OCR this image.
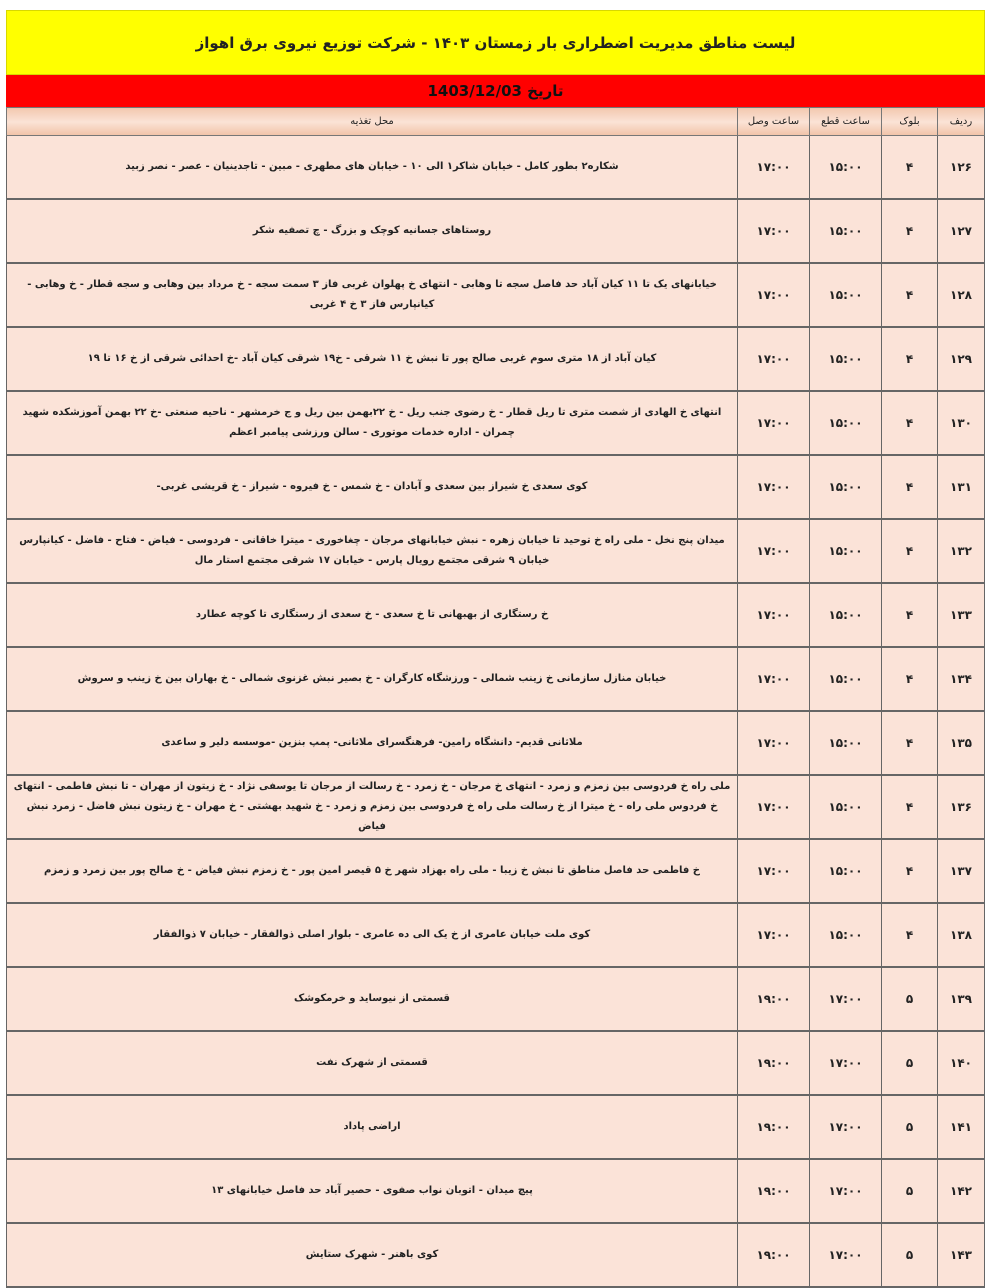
لیست مناطق مدیریت اضطراری بار زمستان ۱۴۰۳ - شرکت توزیع نیروی برق اهواز
تاریخ 1403/12/03
ردیف	بلوک	ساعت قطع	ساعت وصل	محل تغذیه
۱۲۶	۴	۱۵:۰۰	۱۷:۰۰	شکاره۲ بطور کامل - خیابان شاکر۱ الی ۱۰ - خیابان های مطهری - مبین - تاجدینیان - عصر - نصر زبید
۱۲۷	۴	۱۵:۰۰	۱۷:۰۰	روستاهای جسانیه کوچک و بزرگ - چ تصفیه شکر
۱۲۸	۴	۱۵:۰۰	۱۷:۰۰	خیابانهای یک تا ۱۱ کیان آباد حد فاصل سجه تا وهابی - انتهای خ پهلوان غربی فاز ۳ سمت سجه - خ مرداد بین وهابی و سجه قطار - خ وهابی - کیانپارس فاز ۳ خ ۴ غربی
۱۲۹	۴	۱۵:۰۰	۱۷:۰۰	کیان آباد از ۱۸ متری سوم غربی صالح پور تا نبش خ ۱۱ شرقی - خ۱۹ شرقی کیان آباد -خ احدائی شرقی از خ ۱۶ تا ۱۹
۱۳۰	۴	۱۵:۰۰	۱۷:۰۰	انتهای خ الهادی از شصت متری تا ریل قطار - خ رضوی جنب ریل - خ ۲۲بهمن بین ریل و ج خرمشهر - ناحیه صنعتی -خ ۲۲ بهمن آموزشکده شهید چمران - اداره خدمات موتوری - سالن ورزشی پیامبر اعظم
۱۳۱	۴	۱۵:۰۰	۱۷:۰۰	کوی سعدی خ شیراز بین سعدی و آبادان - خ شمس - خ فیروه - شیراز - خ قریشی غربی-
۱۳۲	۴	۱۵:۰۰	۱۷:۰۰	میدان پنج نخل - ملی راه خ توحید تا خیابان زهره - نبش خیابانهای مرجان - چغاخوری - میترا خاقانی - فردوسی - فیاض - فتاح - فاضل - کیانپارس خیابان ۹ شرقی مجتمع رویال پارس - خیابان ۱۷ شرقی مجتمع استار مال
۱۳۳	۴	۱۵:۰۰	۱۷:۰۰	خ رستگاری از بهبهانی تا خ سعدی - خ سعدی از رستگاری تا کوچه عطارد
۱۳۴	۴	۱۵:۰۰	۱۷:۰۰	خیابان منازل سازمانی خ زینب شمالی - ورزشگاه کارگران - خ بصیر نبش غزنوی شمالی - خ بهاران بین خ زینب و سروش
۱۳۵	۴	۱۵:۰۰	۱۷:۰۰	ملاثانی قدیم- دانشگاه رامین- فرهنگسرای ملاثانی- پمپ بنزین -موسسه دلیر و ساعدی
۱۳۶	۴	۱۵:۰۰	۱۷:۰۰	ملی راه خ فردوسی بین زمزم و زمرد - انتهای خ مرجان - خ زمرد - خ رسالت از مرجان تا یوسفی نژاد - خ زیتون از مهران - تا نبش فاطمی - انتهای خ فردوس ملی راه - خ میترا از خ رسالت ملی راه خ فردوسی بین زمزم و زمرد - خ شهید بهشتی - خ مهران - خ زیتون نبش فاضل - زمرد نبش فیاض
۱۳۷	۴	۱۵:۰۰	۱۷:۰۰	خ فاطمی حد فاصل مناطق تا نبش خ زیبا - ملی راه بهزاد شهر خ ۵ قیصر امین پور - خ زمزم نبش فیاض - خ صالح پور بین زمرد و زمزم
۱۳۸	۴	۱۵:۰۰	۱۷:۰۰	کوی ملت خیابان عامری از خ یک الی ده عامری - بلوار اصلی ذوالفقار - خیابان ۷ ذوالفقار
۱۳۹	۵	۱۷:۰۰	۱۹:۰۰	قسمتی از نیوساید و خرمکوشک
۱۴۰	۵	۱۷:۰۰	۱۹:۰۰	قسمتی از شهرک نفت
۱۴۱	۵	۱۷:۰۰	۱۹:۰۰	اراضی پاداد
۱۴۲	۵	۱۷:۰۰	۱۹:۰۰	پیچ میدان - اتوبان نواب صفوی - حصیر آباد حد فاصل خیابانهای ۱۳
۱۴۳	۵	۱۷:۰۰	۱۹:۰۰	کوی باهنر - شهرک ستایش
